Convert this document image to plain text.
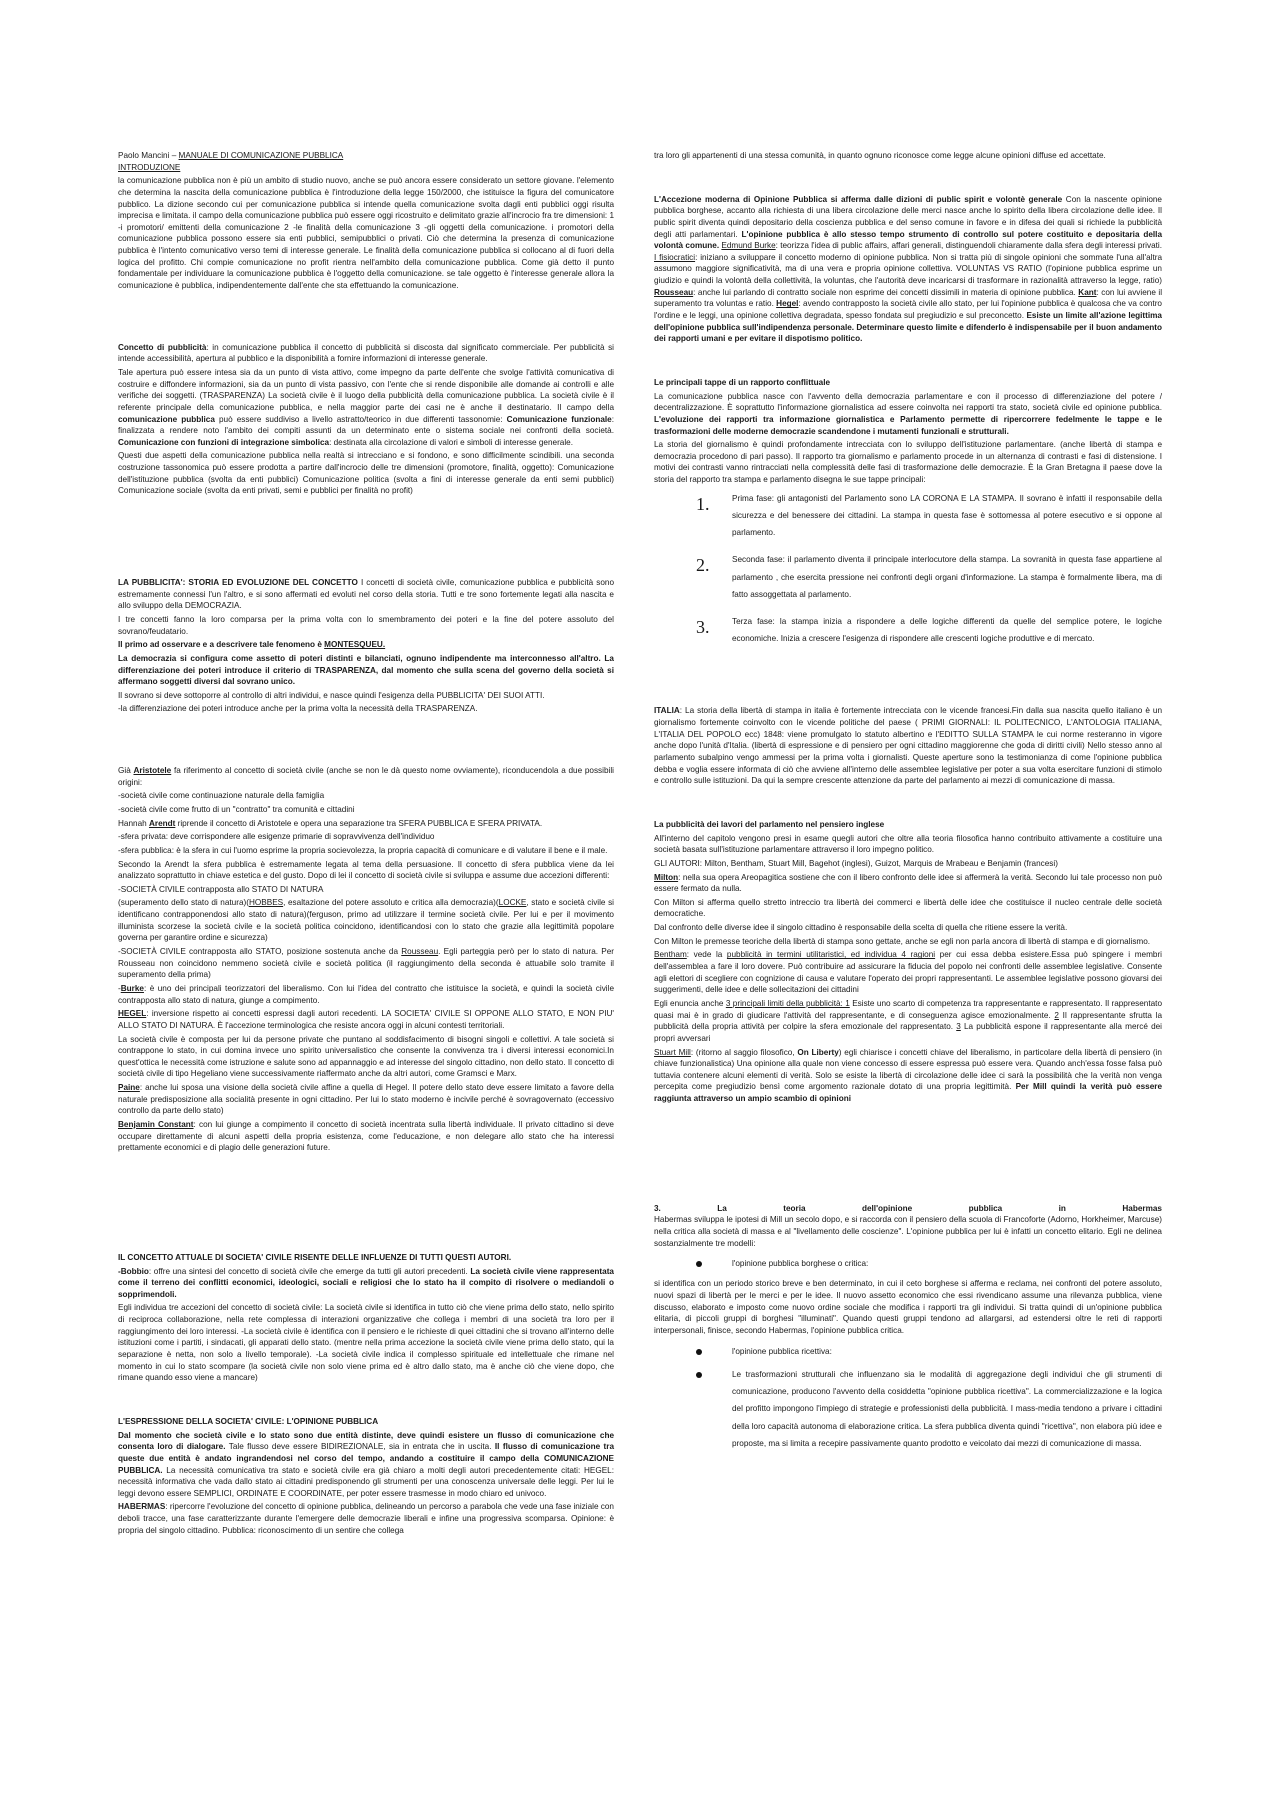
Paolo Mancini – MANUALE DI COMUNICAZIONE PUBBLICA
INTRODUZIONE

la comunicazione pubblica non è più un ambito di studio nuovo, anche se può ancora essere considerato un settore giovane. l'elemento che determina la nascita della comunicazione pubblica è l'introduzione della legge 150/2000, che istituisce la figura del comunicatore pubblico. La dizione secondo cui per comunicazione pubblica si intende quella comunicazione svolta dagli enti pubblici oggi risulta imprecisa e limitata. il campo della comunicazione pubblica può essere oggi ricostruito e delimitato grazie all'incrocio fra tre dimensioni: 1 -i promotori/ emittenti della comunicazione 2 -le finalità della comunicazione 3 -gli oggetti della comunicazione. i promotori della comunicazione pubblica possono essere sia enti pubblici, semipubblici o privati. Ciò che determina la presenza di comunicazione pubblica è l'intento comunicativo verso temi di interesse generale. Le finalità della comunicazione pubblica si collocano al di fuori della logica del profitto. Chi compie comunicazione no profit rientra nell'ambito della comunicazione pubblica. Come già detto il punto fondamentale per individuare la comunicazione pubblica è l'oggetto della comunicazione. se tale oggetto è l'interesse generale allora la comunicazione è pubblica, indipendentemente dall'ente che sta effettuando la comunicazione.

Concetto di pubblicità: in comunicazione pubblica il concetto di pubblicità si discosta dal significato commerciale. Per pubblicità si intende accessibilità, apertura al pubblico e la disponibilità a fornire informazioni di interesse generale.

Tale apertura può essere intesa sia da un punto di vista attivo, come impegno da parte dell'ente che svolge l'attività comunicativa di costruire e diffondere informazioni, sia da un punto di vista passivo, con l'ente che si rende disponibile alle domande ai controlli e alle verifiche dei soggetti. (TRASPARENZA) La società civile è il luogo della pubblicità della comunicazione pubblica. La società civile è il referente principale della comunicazione pubblica, e nella maggior parte dei casi ne è anche il destinatario. Il campo della comunicazione pubblica può essere suddiviso a livello astratto/teorico in due differenti tassonomie: Comunicazione funzionale: finalizzata a rendere noto l'ambito dei compiti assunti da un determinato ente o sistema sociale nei confronti della società. Comunicazione con funzioni di integrazione simbolica: destinata alla circolazione di valori e simboli di interesse generale.

Questi due aspetti della comunicazione pubblica nella realtà si intrecciano e si fondono, e sono difficilmente scindibili. una seconda costruzione tassonomica può essere prodotta a partire dall'incrocio delle tre dimensioni (promotore, finalità, oggetto): Comunicazione dell'istituzione pubblica (svolta da enti pubblici) Comunicazione politica (svolta a fini di interesse generale da enti semi pubblici) Comunicazione sociale (svolta da enti privati, semi e pubblici per finalità no profit)

LA PUBBLICITA': STORIA ED EVOLUZIONE DEL CONCETTO I concetti di società civile, comunicazione pubblica e pubblicità sono estremamente connessi l'un l'altro, e si sono affermati ed evoluti nel corso della storia. Tutti e tre sono fortemente legati alla nascita e allo sviluppo della DEMOCRAZIA.

I tre concetti fanno la loro comparsa per la prima volta con lo smembramento dei poteri e la fine del potere assoluto del sovrano/feudatario.

Il primo ad osservare e a descrivere tale fenomeno è MONTESQUEU.

La democrazia si configura come assetto di poteri distinti e bilanciati, ognuno indipendente ma interconnesso all'altro. La differenziazione dei poteri introduce il criterio di TRASPARENZA, dal momento che sulla scena del governo della società si affermano soggetti diversi dal sovrano unico.

Il sovrano si deve sottoporre al controllo di altri individui, e nasce quindi l'esigenza della PUBBLICITA' DEI SUOI ATTI.

-la differenziazione dei poteri introduce anche per la prima volta la necessità della TRASPARENZA.

Già Aristotele fa riferimento al concetto di società civile (anche se non le dà questo nome ovviamente), riconducendola a due possibili origini:

-società civile come continuazione naturale della famiglia

-società civile come frutto di un "contratto" tra comunità e cittadini

Hannah Arendt riprende il concetto di Aristotele e opera una separazione tra SFERA PUBBLICA E SFERA PRIVATA.

-sfera privata: deve corrispondere alle esigenze primarie di sopravvivenza dell'individuo

-sfera pubblica: è la sfera in cui l'uomo esprime la propria socievolezza, la propria capacità di comunicare e di valutare il bene e il male.

Secondo la Arendt la sfera pubblica è estremamente legata al tema della persuasione. Il concetto di sfera pubblica viene da lei analizzato soprattutto in chiave estetica e del gusto. Dopo di lei il concetto di società civile si sviluppa e assume due accezioni differenti:

-SOCIETÀ CIVILE contrapposta allo STATO DI NATURA

(superamento dello stato di natura)(HOBBES, esaltazione del potere assoluto e critica alla democrazia)(LOCKE, stato e società civile si identificano contrapponendosi allo stato di natura)(ferguson, primo ad utilizzare il termine società civile. Per lui e per il movimento illuminista scorzese la società civile e la società politica coincidono, identificandosi con lo stato che grazie alla legittimità popolare governa per garantire ordine e sicurezza)

-SOCIETÀ CIVILE contrapposta allo STATO, posizione sostenuta anche da Rousseau. Egli parteggia però per lo stato di natura. Per Rousseau non coincidono nemmeno società civile e società politica (il raggiungimento della seconda è attuabile solo tramite il superamento della prima)

-Burke: è uno dei principali teorizzatori del liberalismo. Con lui l'idea del contratto che istituisce la società, e quindi la società civile contrapposta allo stato di natura, giunge a compimento.

HEGEL: inversione rispetto ai concetti espressi dagli autori recedenti. LA SOCIETA' CIVILE SI OPPONE ALLO STATO, E NON PIU' ALLO STATO DI NATURA. È l'accezione terminologica che resiste ancora oggi in alcuni contesti territoriali.

La società civile è composta per lui da persone private che puntano al soddisfacimento di bisogni singoli e collettivi. A tale società si contrappone lo stato, in cui domina invece uno spirito universalistico che consente la convivenza tra i diversi interessi economici.In quest'ottica le necessità come istruzione e salute sono ad appannaggio e ad interesse del singolo cittadino, non dello stato. Il concetto di società civile di tipo Hegeliano viene successivamente riaffermato anche da altri autori, come Gramsci e Marx.

Paine: anche lui sposa una visione della società civile affine a quella di Hegel. Il potere dello stato deve essere limitato a favore della naturale predisposizione alla socialità presente in ogni cittadino. Per lui lo stato moderno è incivile perché è sovragovernato (eccessivo controllo da parte dello stato)

Benjamin Constant: con lui giunge a compimento il concetto di società incentrata sulla libertà individuale. Il privato cittadino si deve occupare direttamente di alcuni aspetti della propria esistenza, come l'educazione, e non delegare allo stato che ha interessi prettamente economici e di plagio delle generazioni future.

IL CONCETTO ATTUALE DI SOCIETA' CIVILE RISENTE DELLE INFLUENZE DI TUTTI QUESTI AUTORI.

-Bobbio: offre una sintesi del concetto di società civile che emerge da tutti gli autori precedenti. La società civile viene rappresentata come il terreno dei conflitti economici, ideologici, sociali e religiosi che lo stato ha il compito di risolvere o mediandoli o sopprimendoli.

Egli individua tre accezioni del concetto di società civile: La società civile si identifica in tutto ciò che viene prima dello stato, nello spirito di reciproca collaborazione, nella rete complessa di interazioni organizzative che collega i membri di una società tra loro per il raggiungimento dei loro interessi. -La società civile è identifica con il pensiero e le richieste di quei cittadini che si trovano all'interno delle istituzioni come i partiti, i sindacati, gli apparati dello stato. (mentre nella prima accezione la società civile viene prima dello stato, qui la separazione è netta, non solo a livello temporale). -La società civile indica il complesso spirituale ed intellettuale che rimane nel momento in cui lo stato scompare (la società civile non solo viene prima ed è altro dallo stato, ma è anche ciò che viene dopo, che rimane quando esso viene a mancare)

L'ESPRESSIONE DELLA SOCIETA' CIVILE: L'OPINIONE PUBBLICA

Dal momento che società civile e lo stato sono due entità distinte, deve quindi esistere un flusso di comunicazione che consenta loro di dialogare. Tale flusso deve essere BIDIREZIONALE, sia in entrata che in uscita. Il flusso di comunicazione tra queste due entità è andato ingrandendosi nel corso del tempo, andando a costituire il campo della COMUNICAZIONE PUBBLICA. La necessità comunicativa tra stato e società civile era già chiaro a molti degli autori precedentemente citati: HEGEL: necessità informativa che vada dallo stato ai cittadini predisponendo gli strumenti per una conoscenza universale delle leggi. Per lui le leggi devono essere SEMPLICI, ORDINATE E COORDINATE, per poter essere trasmesse in modo chiaro ed univoco.

HABERMAS: ripercorre l'evoluzione del concetto di opinione pubblica, delineando un percorso a parabola che vede una fase iniziale con deboli tracce, una fase caratterizzante durante l'emergere delle democrazie liberali e infine una progressiva scomparsa. Opinione: è propria del singolo cittadino. Pubblica: riconoscimento di un sentire che collega

tra loro gli appartenenti di una stessa comunità, in quanto ognuno riconosce come legge alcune opinioni diffuse ed accettate.

L'Accezione moderna di Opinione Pubblica si afferma dalle dizioni di public spirit e volontè generale Con la nascente opinione pubblica borghese, accanto alla richiesta di una libera circolazione delle merci nasce anche lo spirito della libera circolazione delle idee. Il public spirit diventa quindi depositario della coscienza pubblica e del senso comune in favore e in difesa dei quali si richiede la pubblicità degli atti parlamentari. L'opinione pubblica è allo stesso tempo strumento di controllo sul potere costituito e depositaria della volontà comune. Edmund Burke: teorizza l'idea di public affairs, affari generali, distinguendoli chiaramente dalla sfera degli interessi privati. I fisiocratici: iniziano a sviluppare il concetto moderno di opinione pubblica. Non si tratta più di singole opinioni che sommate l'una all'altra assumono maggiore significatività, ma di una vera e propria opinione collettiva. VOLUNTAS VS RATIO (l'opinione pubblica esprime un giudizio e quindi la volontà della collettività, la voluntas, che l'autorità deve incaricarsi di trasformare in razionalità attraverso la legge, ratio) Rousseau: anche lui parlando di contratto sociale non esprime dei concetti dissimili in materia di opinione pubblica. Kant: con lui avviene il superamento tra voluntas e ratio. Hegel: avendo contrapposto la società civile allo stato, per lui l'opinione pubblica è qualcosa che va contro l'ordine e le leggi, una opinione collettiva degradata, spesso fondata sul pregiudizio e sul preconcetto. Esiste un limite all'azione legittima dell'opinione pubblica sull'indipendenza personale. Determinare questo limite e difenderlo è indispensabile per il buon andamento dei rapporti umani e per evitare il dispotismo politico.

Le principali tappe di un rapporto conflittuale

La comunicazione pubblica nasce con l'avvento della democrazia parlamentare e con il processo di differenziazione del potere / decentralizzazione. È soprattutto l'informazione giornalistica ad essere coinvolta nei rapporti tra stato, società civile ed opinione pubblica. L'evoluzione dei rapporti tra informazione giornalistica e Parlamento permette di ripercorrere fedelmente le tappe e le trasformazioni delle moderne democrazie scandendone i mutamenti funzionali e strutturali.

La storia del giornalismo è quindi profondamente intrecciata con lo sviluppo dell'istituzione parlamentare. (anche libertà di stampa e democrazia procedono di pari passo). Il rapporto tra giornalismo e parlamento procede in un alternanza di contrasti e fasi di distensione. I motivi dei contrasti vanno rintracciati nella complessità delle fasi di trasformazione delle democrazie. È la Gran Bretagna il paese dove la storia del rapporto tra stampa e parlamento disegna le sue tappe principali:

1.	Prima fase: gli antagonisti del Parlamento sono LA CORONA E LA STAMPA. Il sovrano è infatti il responsabile della sicurezza e del benessere dei cittadini. La stampa in questa fase è sottomessa al potere esecutivo e si oppone al parlamento.
2.	Seconda fase: il parlamento diventa il principale interlocutore della stampa. La sovranità in questa fase appartiene al parlamento , che esercita pressione nei confronti degli organi d'informazione. La stampa è formalmente libera, ma di fatto assoggettata al parlamento.
3.	Terza fase: la stampa inizia a rispondere a delle logiche differenti da quelle del semplice potere, le logiche economiche. Inizia a crescere l'esigenza di rispondere alle crescenti logiche produttive e di mercato.

ITALIA: La storia della libertà di stampa in italia è fortemente intrecciata con le vicende francesi.Fin dalla sua nascita quello italiano è un giornalismo fortemente coinvolto con le vicende politiche del paese ( PRIMI GIORNALI: IL POLITECNICO, L'ANTOLOGIA ITALIANA, L'ITALIA DEL POPOLO ecc) 1848: viene promulgato lo statuto albertino e l'EDITTO SULLA STAMPA le cui norme resteranno in vigore anche dopo l'unità d'Italia. (libertà di espressione e di pensiero per ogni cittadino maggiorenne che goda di diritti civili) Nello stesso anno al parlamento subalpino vengo ammessi per la prima volta i giornalisti. Queste aperture sono la testimonianza di come l'opinione pubblica debba e voglia essere informata di ciò che avviene all'interno delle assemblee legislative per poter a sua volta esercitare funzioni di stimolo e controllo sulle istituzioni. Da qui la sempre crescente attenzione da parte del parlamento ai mezzi di comunicazione di massa.

La pubblicità dei lavori del parlamento nel pensiero inglese

All'interno del capitolo vengono presi in esame quegli autori che oltre alla teoria filosofica hanno contribuito attivamente a costituire una società basata sull'istituzione parlamentare attraverso il loro impegno politico.

GLI AUTORI: Milton, Bentham, Stuart Mill, Bagehot (inglesi), Guizot, Marquis de Mrabeau e Benjamin (francesi)

Milton: nella sua opera Areopagitica sostiene che con il libero confronto delle idee si affermerà la verità. Secondo lui tale processo non può essere fermato da nulla.

Con Milton si afferma quello stretto intreccio tra libertà dei commerci e libertà delle idee che costituisce il nucleo centrale delle società democratiche.

Dal confronto delle diverse idee il singolo cittadino è responsabile della scelta di quella che ritiene essere la verità.

Con Milton le premesse teoriche della libertà di stampa sono gettate, anche se egli non parla ancora di libertà di stampa e di giornalismo.

Bentham: vede la pubblicità in termini utilitaristici, ed individua 4 ragioni per cui essa debba esistere.Essa può spingere i membri dell'assemblea a fare il loro dovere. Può contribuire ad assicurare la fiducia del popolo nei confronti delle assemblee legislative. Consente agli elettori di scegliere con cognizione di causa e valutare l'operato dei propri rappresentanti. Le assemblee legislative possono giovarsi dei suggerimenti, delle idee e delle sollecitazioni dei cittadini

Egli enuncia anche 3 principali limiti della pubblicità: 1 Esiste uno scarto di competenza tra rappresentante e rappresentato. Il rappresentato quasi mai è in grado di giudicare l'attività del rappresentante, e di conseguenza agisce emozionalmente. 2 Il rappresentante sfrutta la pubblicità della propria attività per colpire la sfera emozionale del rappresentato. 3 La pubblicità espone il rappresentante alla mercé dei propri avversari

Stuart Mill: (ritorno al saggio filosofico, On Liberty) egli chiarisce i concetti chiave del liberalismo, in particolare della libertà di pensiero (in chiave funzionalistica) Una opinione alla quale non viene concesso di essere espressa può essere vera. Quando anch'essa fosse falsa può tuttavia contenere alcuni elementi di verità. Solo se esiste la libertà di circolazione delle idee ci sarà la possibilità che la verità non venga percepita come pregiudizio bensì come argomento razionale dotato di una propria legittimità. Per Mill quindi la verità può essere raggiunta attraverso un ampio scambio di opinioni

3.	La	teoria	dell'opinione	pubblica	in	Habermas

Habermas sviluppa le ipotesi di Mill un secolo dopo, e si raccorda con il pensiero della scuola di Francoforte (Adorno, Horkheimer, Marcuse) nella critica alla società di massa e al "livellamento delle coscienze". L'opinione pubblica per lui è infatti un concetto elitario. Egli ne delinea sostanzialmente tre modelli:

l'opinione pubblica borghese o critica:

si identifica con un periodo storico breve e ben determinato, in cui il ceto borghese si afferma e reclama, nei confronti del potere assoluto, nuovi spazi di libertà per le merci e per le idee. Il nuovo assetto economico che essi rivendicano assume una rilevanza pubblica, viene discusso, elaborato e imposto come nuovo ordine sociale che modifica i rapporti tra gli individui. Si tratta quindi di un'opinione pubblica elitaria, di piccoli gruppi di borghesi "illuminati". Quando questi gruppi tendono ad allargarsi, ad estendersi oltre le reti di rapporti interpersonali, finisce, secondo Habermas, l'opinione pubblica critica.

l'opinione pubblica ricettiva:
Le trasformazioni strutturali che influenzano sia le modalità di aggregazione degli individui che gli strumenti di comunicazione, producono l'avvento della cosiddetta "opinione pubblica ricettiva". La commercializzazione e la logica del profitto impongono l'impiego di strategie e professionisti della pubblicità. I mass-media tendono a privare i cittadini della loro capacità autonoma di elaborazione critica. La sfera pubblica diventa quindi "ricettiva", non elabora più idee e proposte, ma si limita a recepire passivamente quanto prodotto e veicolato dai mezzi di comunicazione di massa.
